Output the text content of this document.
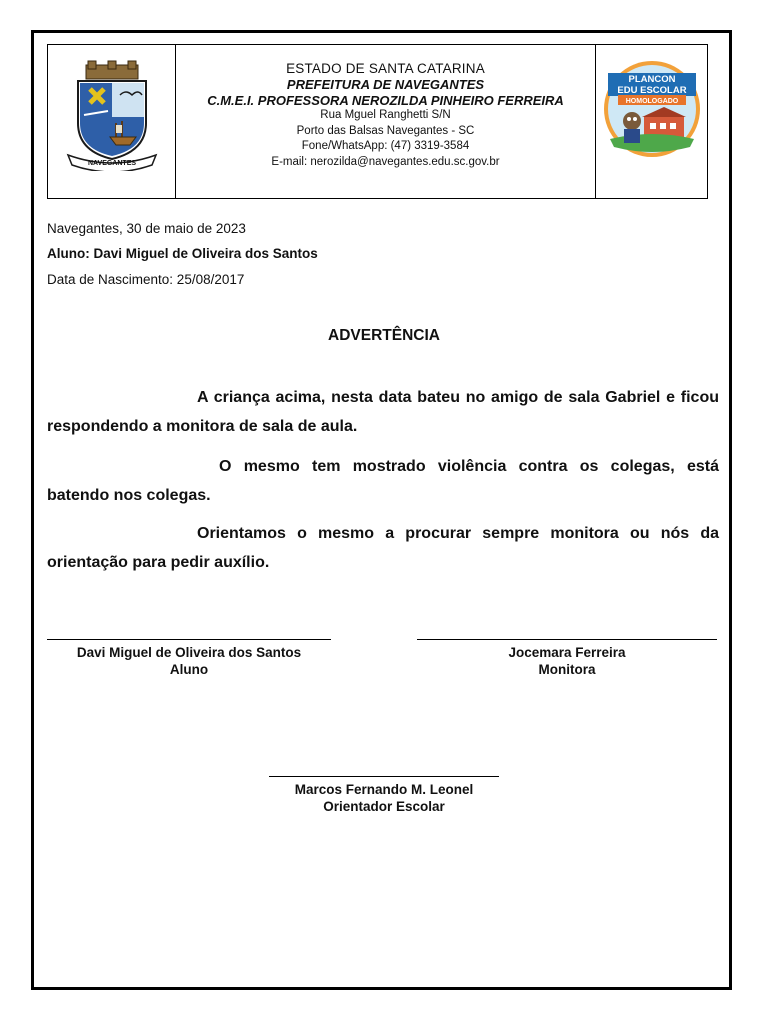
NAVEGANTES
ESTADO DE SANTA CATARINA
PREFEITURA DE NAVEGANTES
C.M.E.I. PROFESSORA NEROZILDA PINHEIRO FERREIRA
Rua Mguel Ranghetti S/N
Porto das Balsas Navegantes - SC
Fone/WhatsApp: (47) 3319-3584
E-mail: nerozilda@navegantes.edu.sc.gov.br
PLANCON
EDU ESCOLAR
HOMOLOGADO
Navegantes, 30 de maio de 2023
Aluno: Davi Miguel de Oliveira dos Santos
Data de Nascimento: 25/08/2017
ADVERTÊNCIA
A criança acima, nesta data bateu no amigo de sala Gabriel e ficou respondendo a monitora de sala de aula.
O mesmo tem mostrado violência contra os colegas, está batendo nos colegas.
Orientamos o mesmo a procurar sempre monitora ou nós da orientação para pedir auxílio.
Davi Miguel de Oliveira dos Santos
Aluno
Jocemara Ferreira
Monitora
Marcos Fernando M. Leonel
Orientador Escolar
